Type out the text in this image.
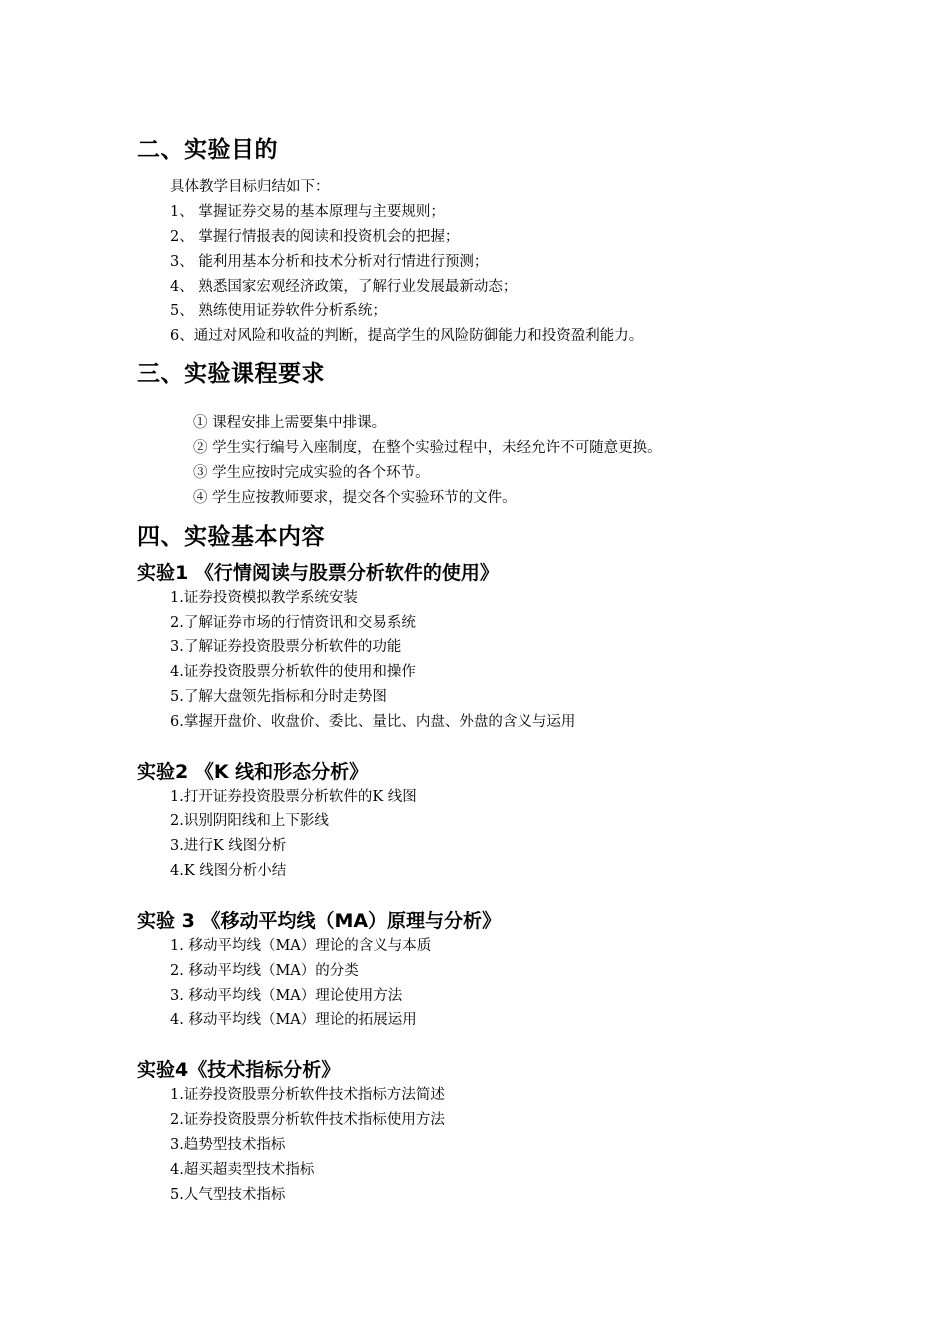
二、实验目的
具体教学目标归结如下：
1、 掌握证券交易的基本原理与主要规则；
2、 掌握行情报表的阅读和投资机会的把握；
3、 能利用基本分析和技术分析对行情进行预测；
4、 熟悉国家宏观经济政策，了解行业发展最新动态；
5、 熟练使用证券软件分析系统；
6、通过对风险和收益的判断，提高学生的风险防御能力和投资盈利能力。
三、实验课程要求
① 课程安排上需要集中排课。
② 学生实行编号入座制度，在整个实验过程中，未经允许不可随意更换。
③ 学生应按时完成实验的各个环节。
④ 学生应按教师要求，提交各个实验环节的文件。
四、实验基本内容
实验1 《行情阅读与股票分析软件的使用》
1.证券投资模拟教学系统安装
2.了解证券市场的行情资讯和交易系统
3.了解证券投资股票分析软件的功能
4.证券投资股票分析软件的使用和操作
5.了解大盘领先指标和分时走势图
6.掌握开盘价、收盘价、委比、量比、内盘、外盘的含义与运用
实验2 《K 线和形态分析》
1.打开证券投资股票分析软件的K 线图
2.识别阴阳线和上下影线
3.进行K 线图分析
4.K 线图分析小结
实验 3 《移动平均线（MA）原理与分析》
1. 移动平均线（MA）理论的含义与本质
2. 移动平均线（MA）的分类
3. 移动平均线（MA）理论使用方法
4. 移动平均线（MA）理论的拓展运用
实验4《技术指标分析》
1.证券投资股票分析软件技术指标方法简述
2.证券投资股票分析软件技术指标使用方法
3.趋势型技术指标
4.超买超卖型技术指标
5.人气型技术指标
